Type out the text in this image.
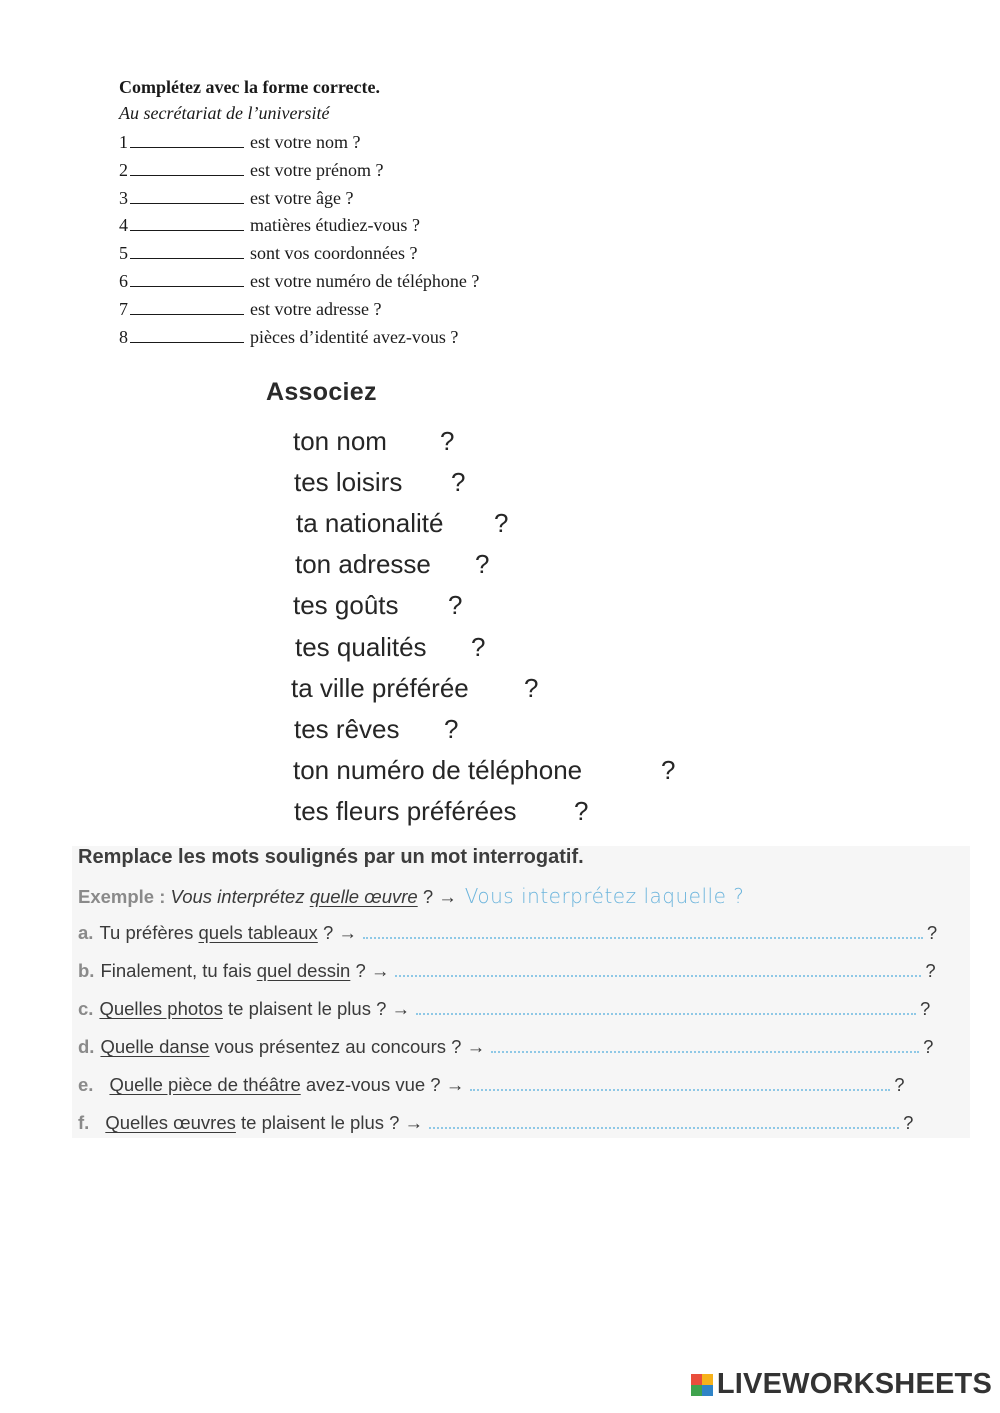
Complétez avec la forme correcte.
Au secrétariat de l’université
1	est votre nom ?
2	est votre prénom ?
3	est votre âge ?
4	matières étudiez-vous ?
5	sont vos coordonnées ?
6	est votre numéro de téléphone ?
7	est votre adresse ?
8	pièces d’identité avez-vous ?
Associez
ton nom ?
tes loisirs ?
ta nationalité ?
ton adresse ?
tes goûts ?
tes qualités ?
ta ville préférée ?
tes rêves ?
ton numéro de téléphone	?
tes fleurs préférées ?
Remplace les mots soulignés par un mot interrogatif.
Exemple :
Vous interprétez
quelle œuvre
? → Vous interprétez laquelle ?
a. Tu préfères
quels tableaux
? →	?
b. Finalement, tu fais
quel dessin
? →	?
c. Quelles photos
te plaisent le plus ? →	?
d. Quelle danse
vous présentez au concours ? →	?
e. Quelle pièce de théâtre
avez-vous vue ? →	?
f. Quelles œuvres
te plaisent le plus ? →	?
LIVEWORKSHEETS
